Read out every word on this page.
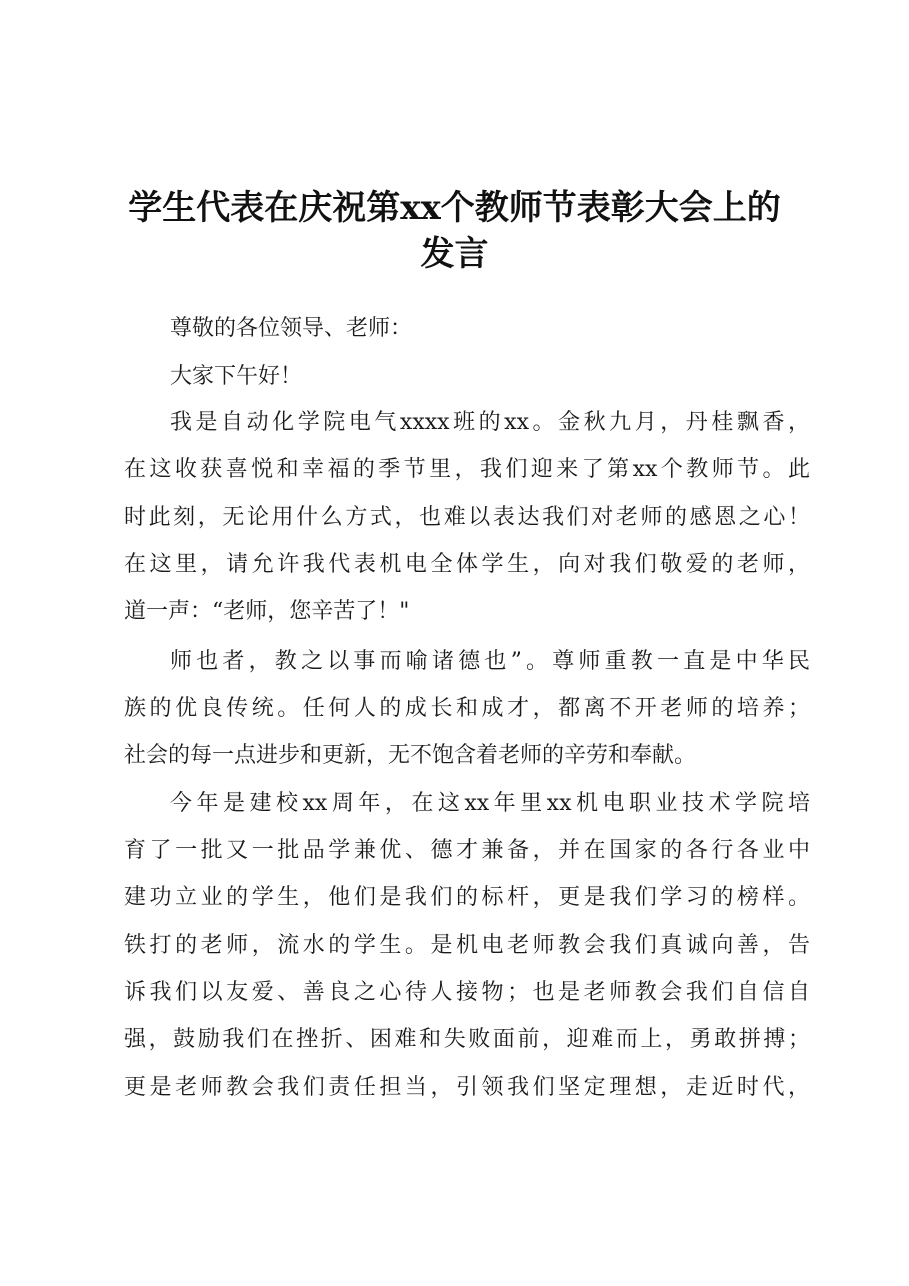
学生代表在庆祝第xx个教师节表彰大会上的
发言
尊敬的各位领导、老师：
大家下午好！
我是自动化学院电气xxxx班的xx。金秋九月，丹桂飘香，
在这收获喜悦和幸福的季节里，我们迎来了第xx个教师节。此
时此刻，无论用什么方式，也难以表达我们对老师的感恩之心！
在这里，请允许我代表机电全体学生，向对我们敬爱的老师，
道一声：“老师，您辛苦了！"
师也者，教之以事而喻诸德也”。尊师重教一直是中华民
族的优良传统。任何人的成长和成才，都离不开老师的培养；
社会的每一点进步和更新，无不饱含着老师的辛劳和奉献。
今年是建校xx周年，在这xx年里xx机电职业技术学院培
育了一批又一批品学兼优、德才兼备，并在国家的各行各业中
建功立业的学生，他们是我们的标杆，更是我们学习的榜样。
铁打的老师，流水的学生。是机电老师教会我们真诚向善，告
诉我们以友爱、善良之心待人接物；也是老师教会我们自信自
强，鼓励我们在挫折、困难和失败面前，迎难而上，勇敢拼搏；
更是老师教会我们责任担当，引领我们坚定理想，走近时代，
